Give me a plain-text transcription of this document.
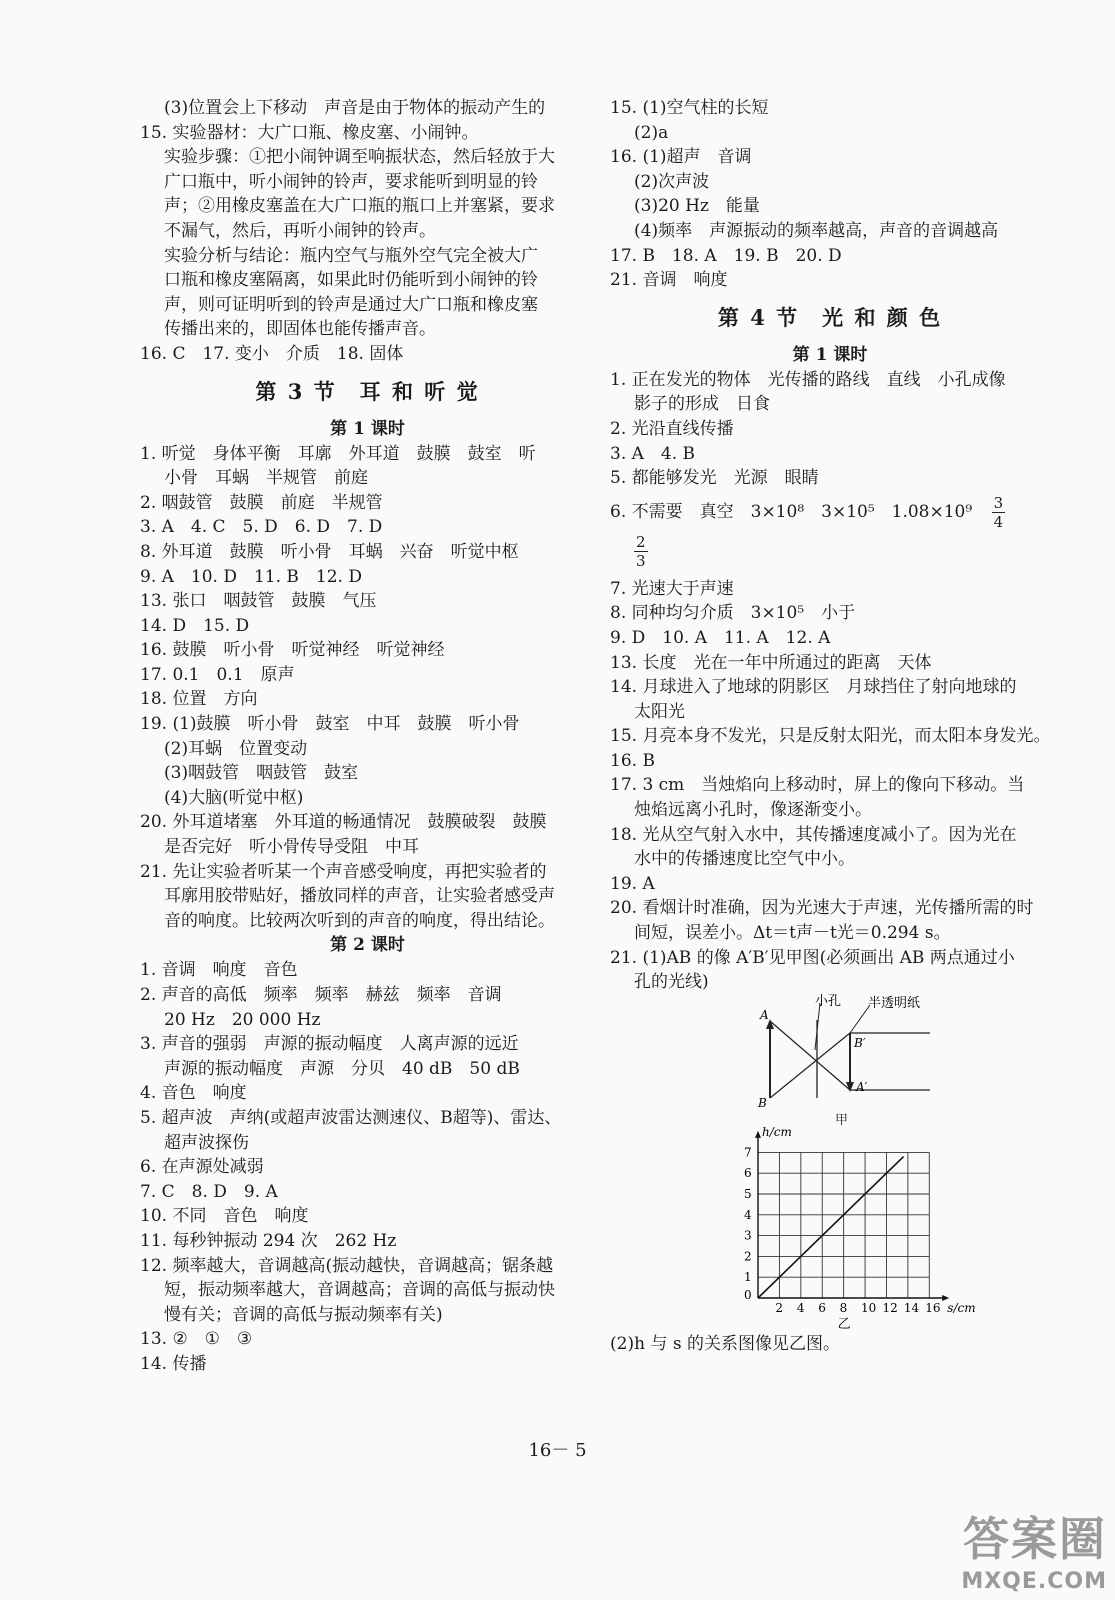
(3)位置会上下移动　声音是由于物体的振动产生的
15. 实验器材：大广口瓶、橡皮塞、小闹钟。
实验步骤：①把小闹钟调至响振状态，然后轻放于大
广口瓶中，听小闹钟的铃声，要求能听到明显的铃
声；②用橡皮塞盖在大广口瓶的瓶口上并塞紧，要求
不漏气，然后，再听小闹钟的铃声。
实验分析与结论：瓶内空气与瓶外空气完全被大广
口瓶和橡皮塞隔离，如果此时仍能听到小闹钟的铃
声，则可证明听到的铃声是通过大广口瓶和橡皮塞
传播出来的，即固体也能传播声音。
16. C　17. 变小　介质　18. 固体
第 3 节　耳 和 听 觉
第 1 课时
1. 听觉　身体平衡　耳廓　外耳道　鼓膜　鼓室　听
小骨　耳蜗　半规管　前庭
2. 咽鼓管　鼓膜　前庭　半规管
3. A　4. C　5. D　6. D　7. D
8. 外耳道　鼓膜　听小骨　耳蜗　兴奋　听觉中枢
9. A　10. D　11. B　12. D
13. 张口　咽鼓管　鼓膜　气压
14. D　15. D
16. 鼓膜　听小骨　听觉神经　听觉神经
17. 0.1　0.1　原声
18. 位置　方向
19. (1)鼓膜　听小骨　鼓室　中耳　鼓膜　听小骨
(2)耳蜗　位置变动
(3)咽鼓管　咽鼓管　鼓室
(4)大脑(听觉中枢)
20. 外耳道堵塞　外耳道的畅通情况　鼓膜破裂　鼓膜
是否完好　听小骨传导受阻　中耳
21. 先让实验者听某一个声音感受响度，再把实验者的
耳廓用胶带贴好，播放同样的声音，让实验者感受声
音的响度。比较两次听到的声音的响度，得出结论。
第 2 课时
1. 音调　响度　音色
2. 声音的高低　频率　频率　赫兹　频率　音调
20 Hz　20 000 Hz
3. 声音的强弱　声源的振动幅度　人离声源的远近
声源的振动幅度　声源　分贝　40 dB　50 dB
4. 音色　响度
5. 超声波　声纳(或超声波雷达测速仪、B超等)、雷达、
超声波探伤
6. 在声源处减弱
7. C　8. D　9. A
10. 不同　音色　响度
11. 每秒钟振动 294 次　262 Hz
12. 频率越大，音调越高(振动越快，音调越高；锯条越
短，振动频率越大，音调越高；音调的高低与振动快
慢有关；音调的高低与振动频率有关)
13. ②　①　③
14. 传播
15. (1)空气柱的长短
(2)a
16. (1)超声　音调
(2)次声波
(3)20 Hz　能量
(4)频率　声源振动的频率越高，声音的音调越高
17. B　18. A　19. B　20. D
21. 音调　响度
第 4 节　光 和 颜 色
第 1 课时
1. 正在发光的物体　光传播的路线　直线　小孔成像
影子的形成　日食
2. 光沿直线传播
3. A　4. B
5. 都能够发光　光源　眼睛
6. 不需要　真空　3×10⁸　3×10⁵　$1.08\times 10^9 \frac{3}{4}$
$\frac{2}{3}$
7. 光速大于声速
8. 同种均匀介质　3×10⁵　小于
9. D　10. A　11. A　12. A
13. 长度　光在一年中所通过的距离　天体
14. 月球进入了地球的阴影区　月球挡住了射向地球的
太阳光
15. 月亮本身不发光，只是反射太阳光，而太阳本身发光。
16. B
17. 3 cm　当烛焰向上移动时，屏上的像向下移动。当
烛焰远离小孔时，像逐渐变小。
18. 光从空气射入水中，其传播速度减小了。因为光在
水中的传播速度比空气中小。
19. A
20. 看烟计时准确，因为光速大于声速，光传播所需的时
间短，误差小。Δt＝t声－t光＝0.294 s。
21. (1)AB 的像 A′B′见甲图(必须画出 AB 两点通过小
孔的光线)
小孔 半透明纸
A
B
B′
A′
甲
0
2 4 6 8 10 12 14 16
1
2
3
4
5
6
7
s/cm
h/cm
乙
(2)h 与 s 的关系图像见乙图。
16－ 5
答案圈
MXQE.COM
